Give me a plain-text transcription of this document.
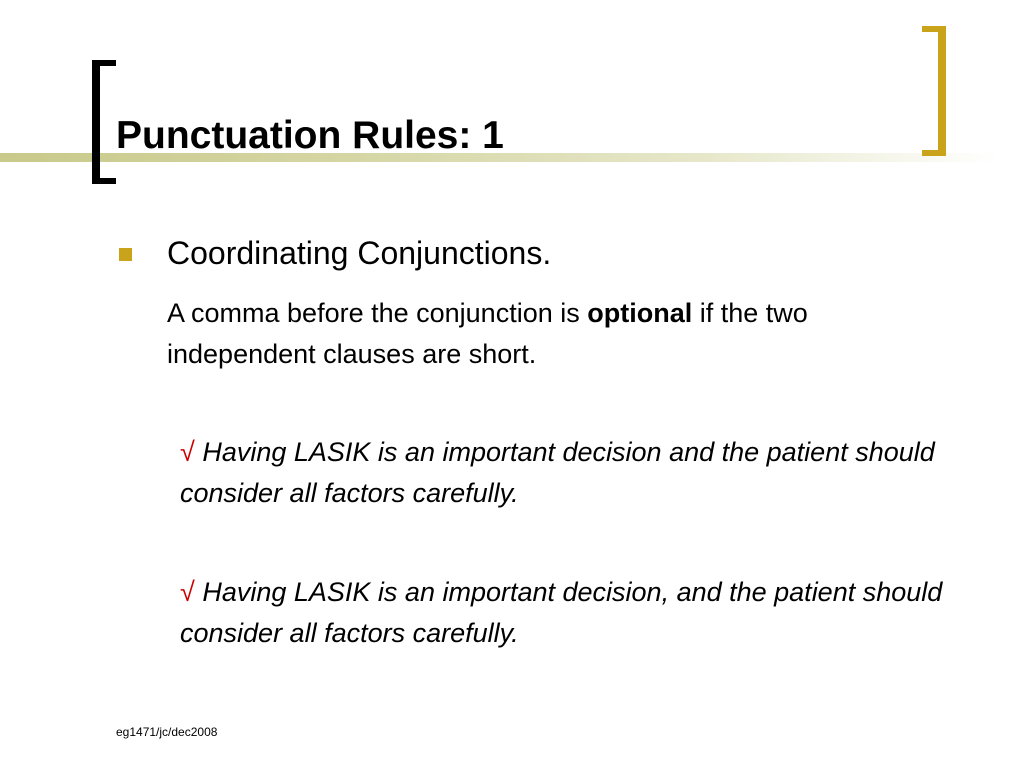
Punctuation Rules: 1
Coordinating Conjunctions.
A comma before the conjunction is optional if the two independent clauses are short.
√ Having LASIK is an important decision and the patient should consider all factors carefully.
√ Having LASIK is an important decision, and the patient should consider all factors carefully.
eg1471/jc/dec2008
